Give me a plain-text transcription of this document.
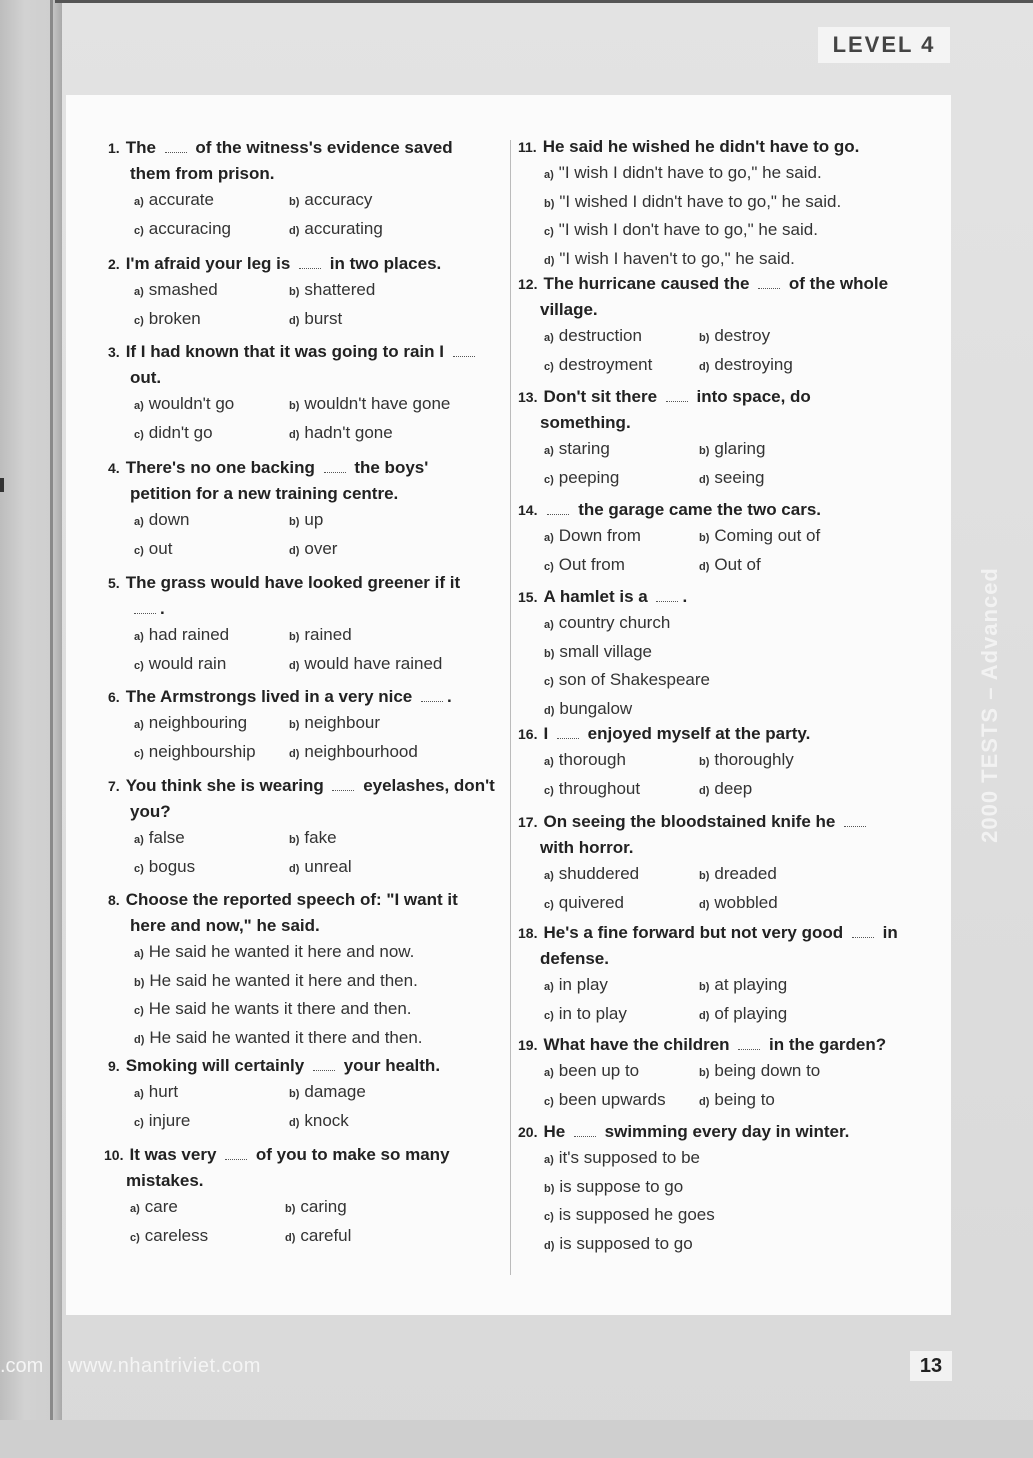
LEVEL 4
2000 TESTS – Advanced
1. The  of the witness's evidence saved
them from prison.
a) accurate	b) accuracy
c) accuracing	d) accurating
2. I'm afraid your leg is  in two places.
a) smashed	b) shattered
c) broken	d) burst
3. If I had known that it was going to rain I
out.
a) wouldn't go	b) wouldn't have gone
c) didn't go	d) hadn't gone
4. There's no one backing  the boys'
petition for a new training centre.
a) down	b) up
c) out	d) over
5. The grass would have looked greener if it
.
a) had rained	b) rained
c) would rain	d) would have rained
6. The Armstrongs lived in a very nice .
a) neighbouring	b) neighbour
c) neighbourship	d) neighbourhood
7. You think she is wearing  eyelashes, don't
you?
a) false	b) fake
c) bogus	d) unreal
8. Choose the reported speech of: "I want it
here and now," he said.
a) He said he wanted it here and now.
b) He said he wanted it here and then.
c) He said he wants it there and then.
d) He said he wanted it there and then.
9. Smoking will certainly  your health.
a) hurt	b) damage
c) injure	d) knock
10. It was very  of you to make so many
mistakes.
a) care	b) caring
c) careless	d) careful
11. He said he wished he didn't have to go.
a) "I wish I didn't have to go," he said.
b) "I wished I didn't have to go," he said.
c) "I wish I don't have to go," he said.
d) "I wish I haven't to go," he said.
12. The hurricane caused the  of the whole
village.
a) destruction	b) destroy
c) destroyment	d) destroying
13. Don't sit there  into space, do
something.
a) staring	b) glaring
c) peeping	d) seeing
14. the garage came the two cars.
a) Down from	b) Coming out of
c) Out from	d) Out of
15. A hamlet is a .
a) country church
b) small village
c) son of Shakespeare
d) bungalow
16. I  enjoyed myself at the party.
a) thorough	b) thoroughly
c) throughout	d) deep
17. On seeing the bloodstained knife he
with horror.
a) shuddered	b) dreaded
c) quivered	d) wobbled
18. He's a fine forward but not very good  in
defense.
a) in play	b) at playing
c) in to play	d) of playing
19. What have the children  in the garden?
a) been up to	b) being down to
c) been upwards	d) being to
20. He  swimming every day in winter.
a) it's supposed to be
b) is suppose to go
c) is supposed he goes
d) is supposed to go
.com www.nhantriviet.com	13
